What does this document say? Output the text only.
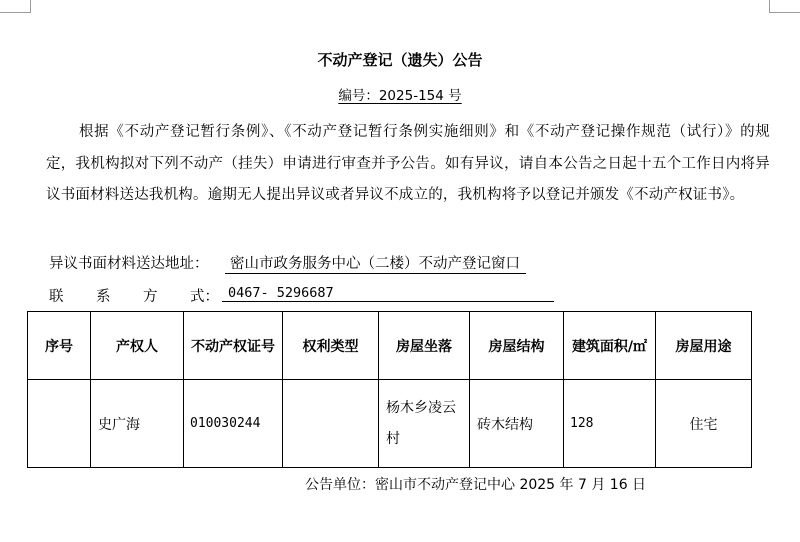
不动产登记（遗失）公告
编号：2025-154 号

根据《不动产登记暂行条例》、《不动产登记暂行条例实施细则》和《不动产登记操作规范（试行）》的规定，我机构拟对下列不动产（挂失）申请进行审查并予公告。如有异议，请自本公告之日起十五个工作日内将异议书面材料送达我机构。逾期无人提出异议或者异议不成立的，我机构将予以登记并颁发《不动产权证书》。

异议书面材料送达地址：	密山市政务服务中心（二楼）不动产登记窗口
联 系 方 式： 0467- 5296687
序号	产权人	不动产权证号	权利类型	房屋坐落	房屋结构	建筑面积/㎡	房屋用途
	史广海	010030244		杨木乡凌云村	砖木结构	128	住宅
公告单位：密山市不动产登记中心 2025 年 7 月 16 日
